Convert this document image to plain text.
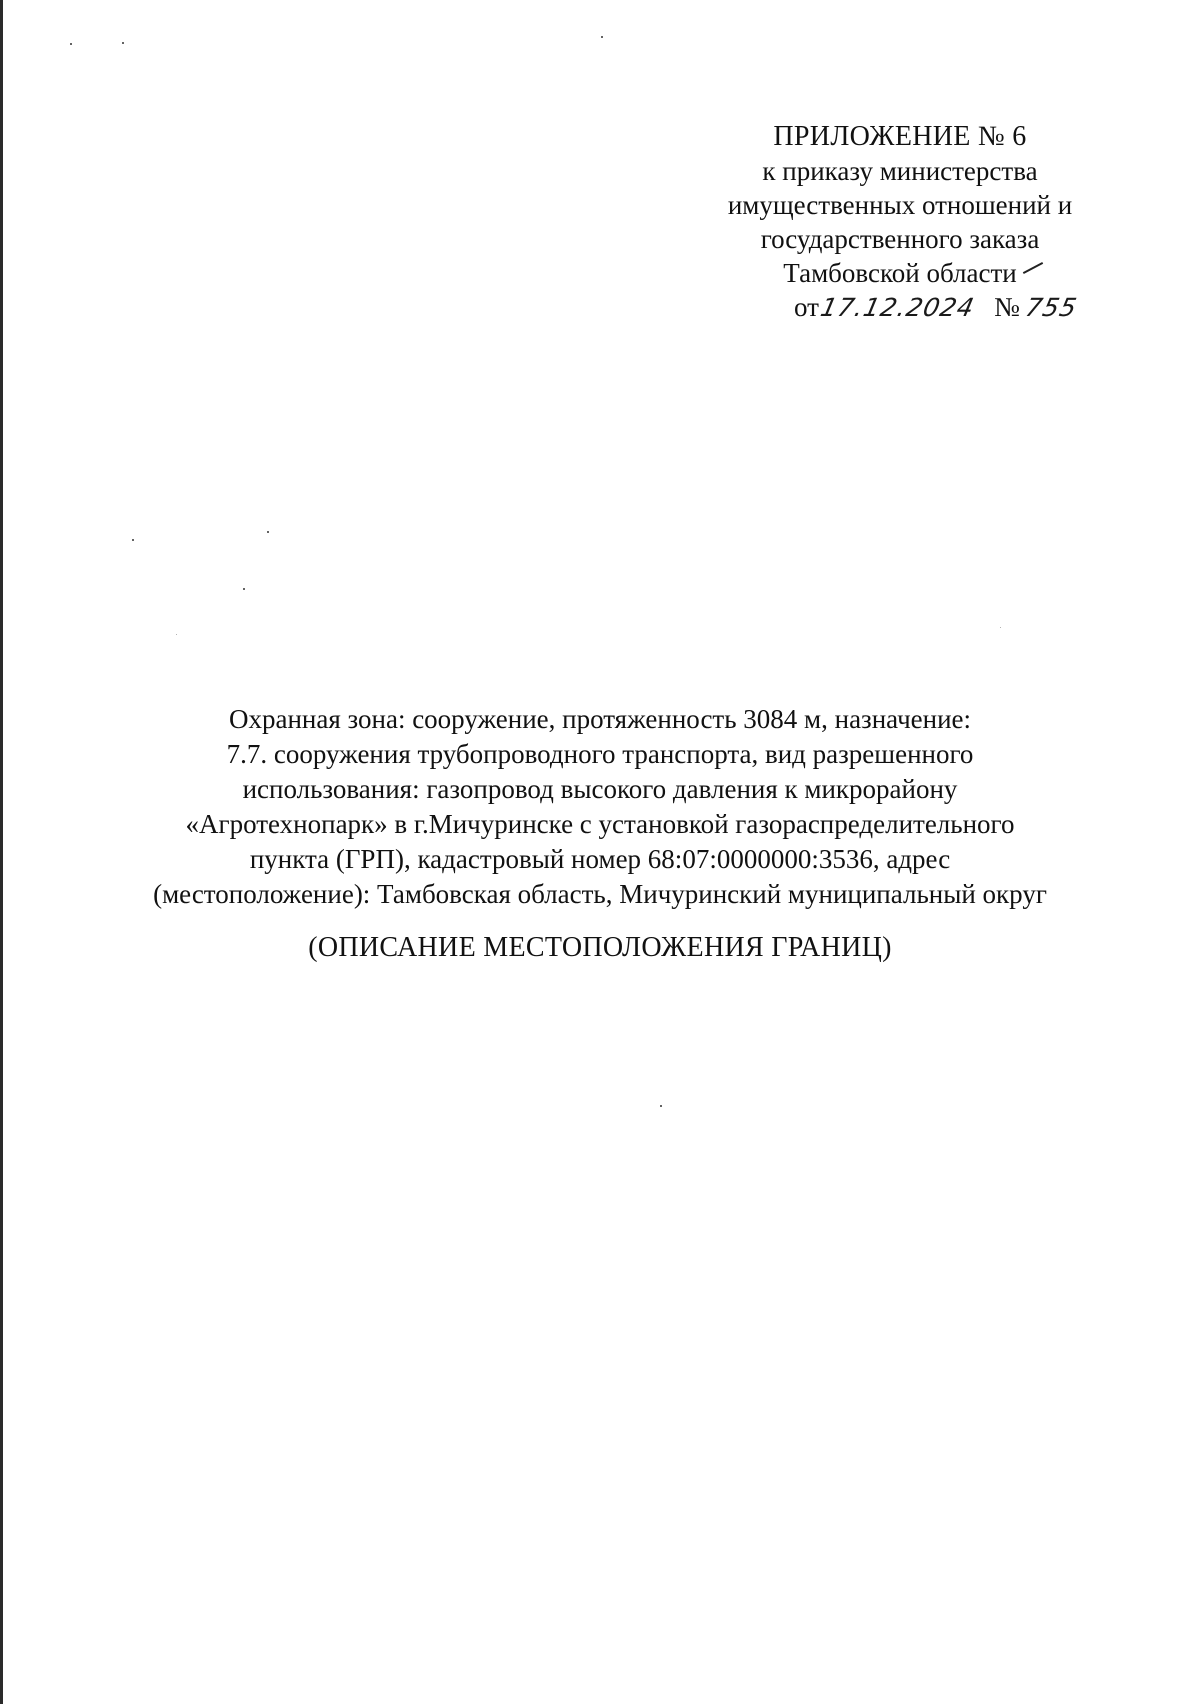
ПРИЛОЖЕНИЕ № 6
к приказу министерства
имущественных отношений и
государственного заказа
Тамбовской области
от17.12.2024 № 755
Охранная зона: сооружение, протяженность 3084 м, назначение:
7.7. сооружения трубопроводного транспорта, вид разрешенного
использования: газопровод высокого давления к микрорайону
«Агротехнопарк» в г.Мичуринске с установкой газораспределительного
пункта (ГРП), кадастровый номер 68:07:0000000:3536, адрес
(местоположение): Тамбовская область, Мичуринский муниципальный округ
(ОПИСАНИЕ МЕСТОПОЛОЖЕНИЯ ГРАНИЦ)
